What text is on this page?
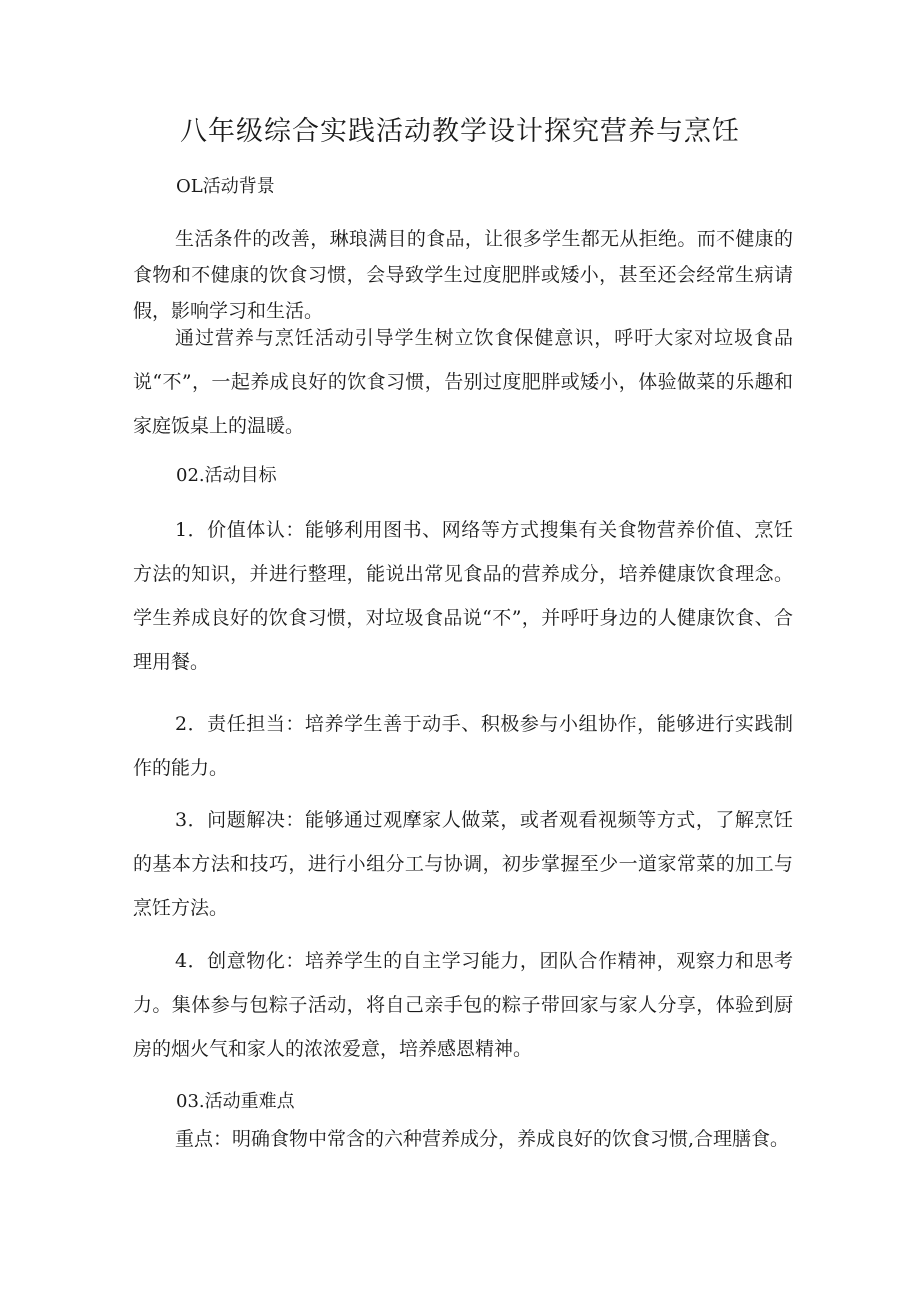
八年级综合实践活动教学设计探究营养与烹饪

OL活动背景

生活条件的改善，琳琅满目的食品，让很多学生都无从拒绝。而不健康的食物和不健康的饮食习惯，会导致学生过度肥胖或矮小，甚至还会经常生病请假，影响学习和生活。

通过营养与烹饪活动引导学生树立饮食保健意识，呼吁大家对垃圾食品说“不”，一起养成良好的饮食习惯，告别过度肥胖或矮小，体验做菜的乐趣和家庭饭桌上的温暖。

02.活动目标

1．价值体认：能够利用图书、网络等方式搜集有关食物营养价值、烹饪方法的知识，并进行整理，能说出常见食品的营养成分，培养健康饮食理念。学生养成良好的饮食习惯，对垃圾食品说“不”，并呼吁身边的人健康饮食、合理用餐。

2．责任担当：培养学生善于动手、积极参与小组协作，能够进行实践制作的能力。

3．问题解决：能够通过观摩家人做菜，或者观看视频等方式，了解烹饪的基本方法和技巧，进行小组分工与协调，初步掌握至少一道家常菜的加工与烹饪方法。

4．创意物化：培养学生的自主学习能力，团队合作精神，观察力和思考力。集体参与包粽子活动，将自己亲手包的粽子带回家与家人分享，体验到厨房的烟火气和家人的浓浓爱意，培养感恩精神。

03.活动重难点

重点：明确食物中常含的六种营养成分，养成良好的饮食习惯,合理膳食。
